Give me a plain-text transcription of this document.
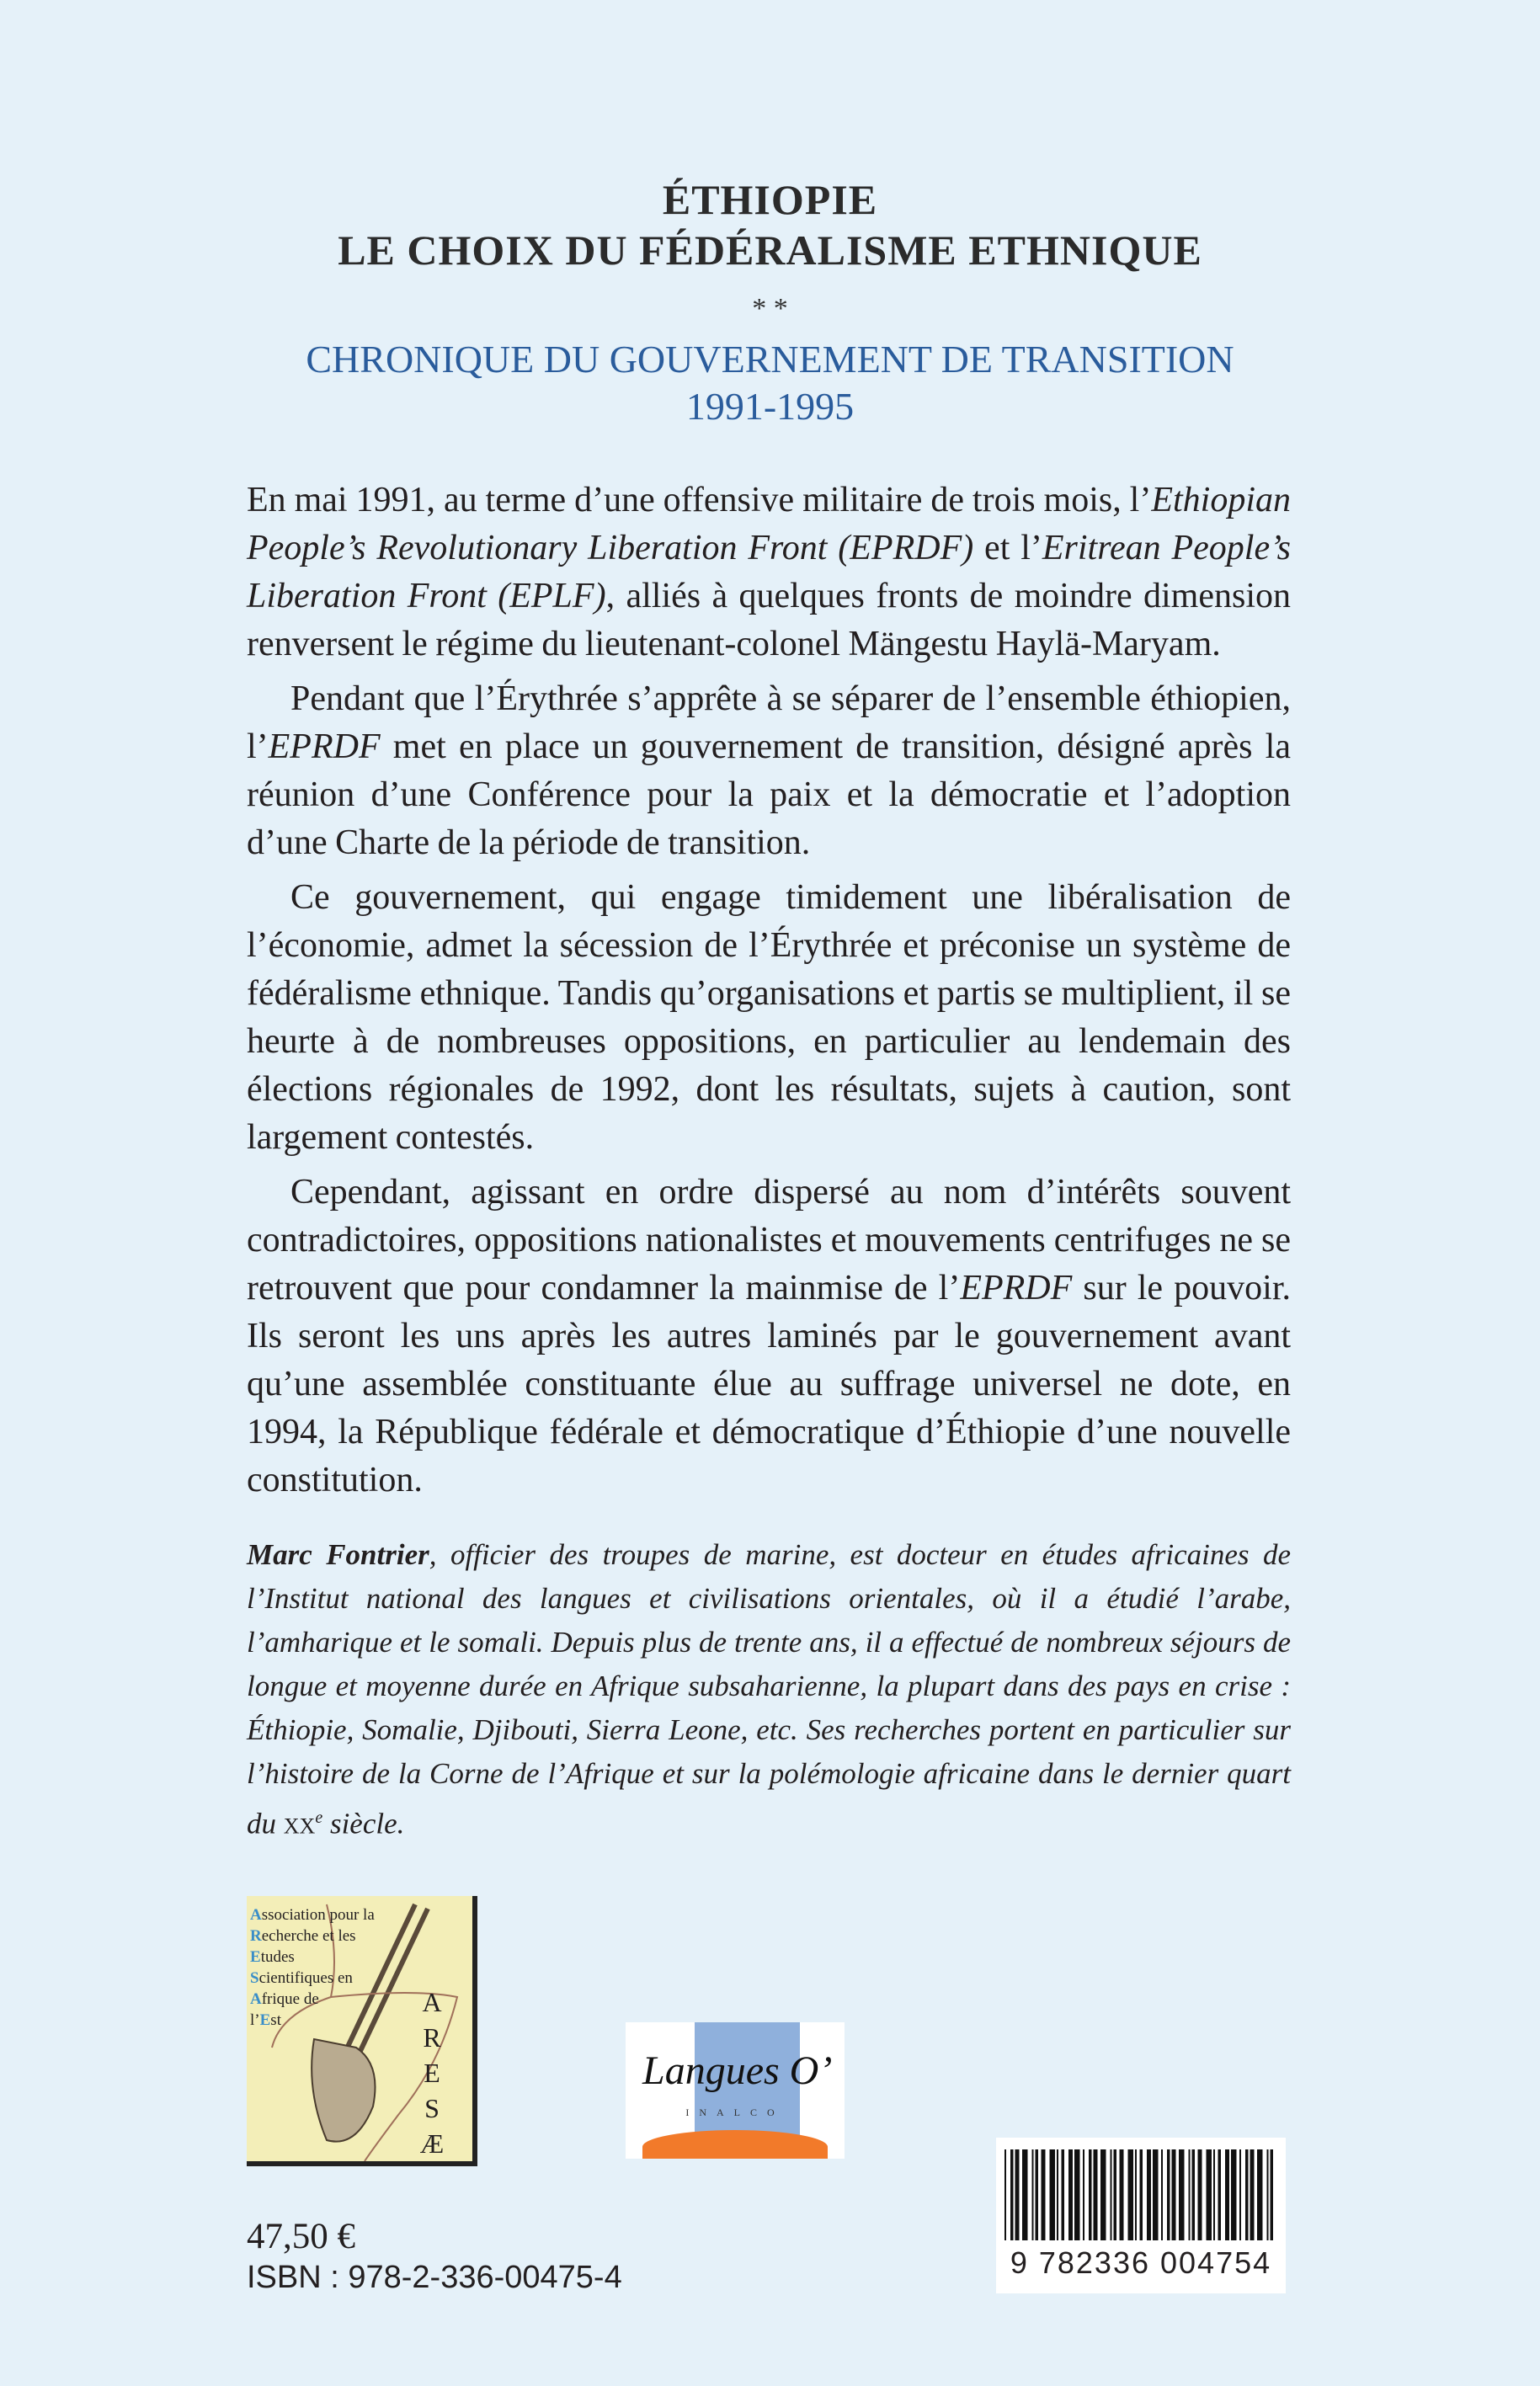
ÉTHIOPIE
LE CHOIX DU FÉDÉRALISME ETHNIQUE
* *
CHRONIQUE DU GOUVERNEMENT DE TRANSITION
1991-1995

En mai 1991, au terme d’une offensive militaire de trois mois, l’Ethiopian People’s Revolutionary Liberation Front (EPRDF) et l’Eritrean People’s Liberation Front (EPLF), alliés à quelques fronts de moindre dimension renversent le régime du lieutenant-colonel Mängestu Haylä-Maryam.

Pendant que l’Érythrée s’apprête à se séparer de l’ensemble éthiopien, l’EPRDF met en place un gouvernement de transition, désigné après la réunion d’une Conférence pour la paix et la démocratie et l’adoption d’une Charte de la période de transition.

Ce gouvernement, qui engage timidement une libéralisation de l’économie, admet la sécession de l’Érythrée et préconise un système de fédéralisme ethnique. Tandis qu’organisations et partis se multiplient, il se heurte à de nombreuses oppositions, en particulier au lendemain des élections régionales de 1992, dont les résultats, sujets à caution, sont largement contestés.

Cependant, agissant en ordre dispersé au nom d’intérêts souvent contradictoires, oppositions nationalistes et mouvements centrifuges ne se retrouvent que pour condamner la mainmise de l’EPRDF sur le pouvoir. Ils seront les uns après les autres laminés par le gouvernement avant qu’une assemblée constituante élue au suffrage universel ne dote, en 1994, la République fédérale et démocratique d’Éthiopie d’une nouvelle constitution.

Marc Fontrier, officier des troupes de marine, est docteur en études africaines de l’Institut national des langues et civilisations orientales, où il a étudié l’arabe, l’amharique et le somali. Depuis plus de trente ans, il a effectué de nombreux séjours de longue et moyenne durée en Afrique subsaharienne, la plupart dans des pays en crise : Éthiopie, Somalie, Djibouti, Sierra Leone, etc. Ses recherches portent en particulier sur l’histoire de la Corne de l’Afrique et sur la polémologie africaine dans le dernier quart du XXe siècle.
Association pour la
Recherche et les
Etudes
Scientifiques en
Afrique de
l’Est
A
R
E
S
Æ
Langues O’
INALCO
9 782336 004754
47,50 €
ISBN : 978-2-336-00475-4
